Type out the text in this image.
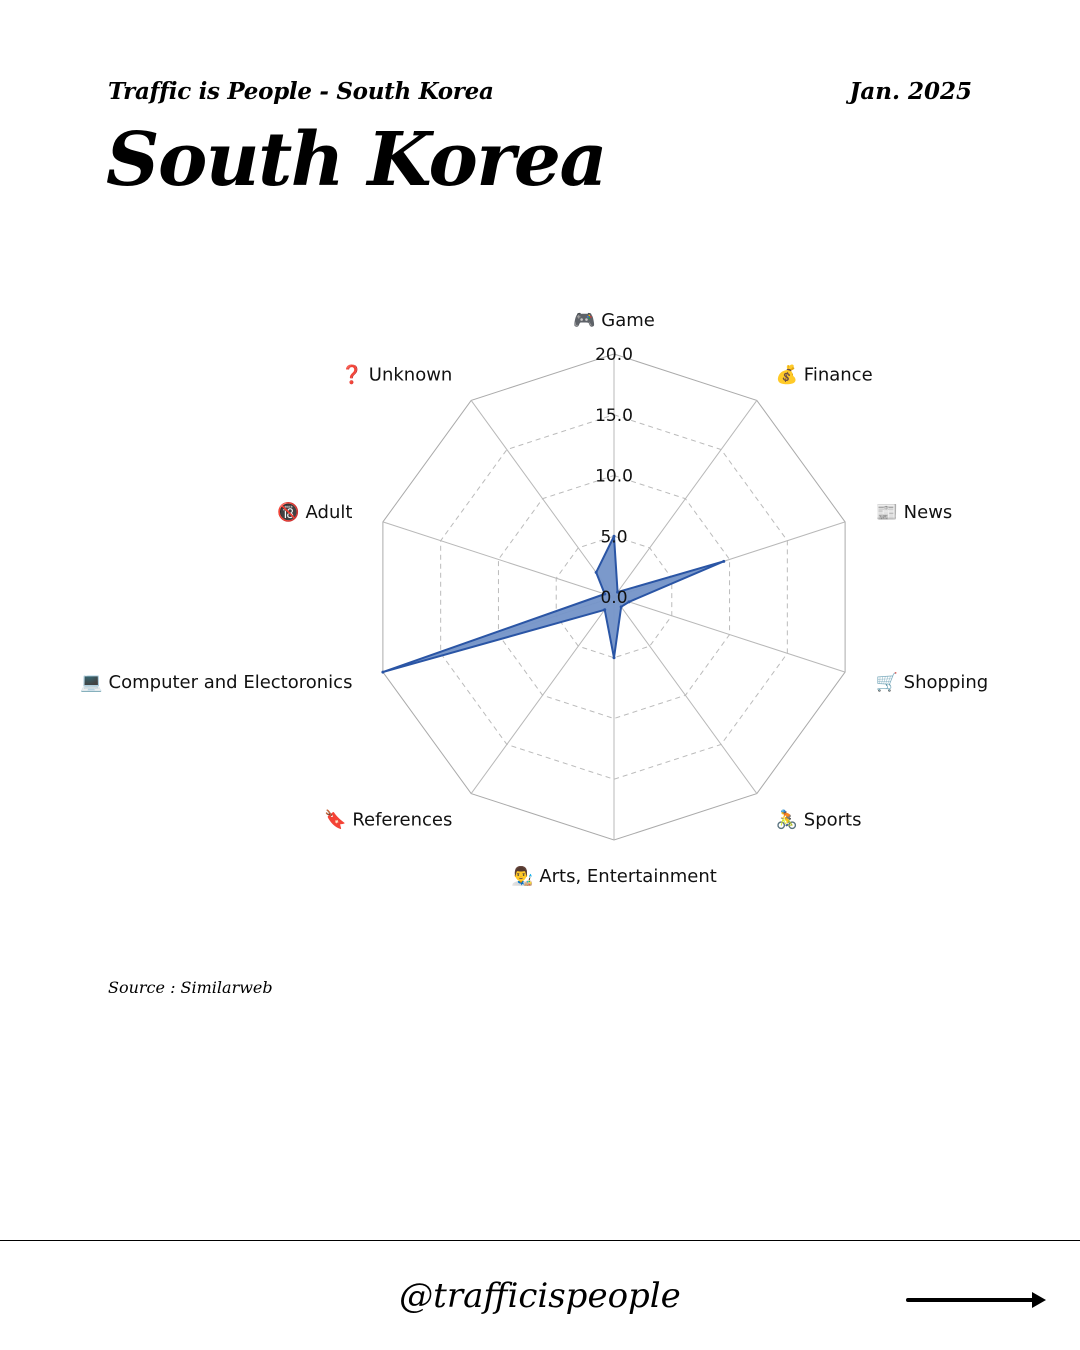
Traffic is People - South Korea	Jan. 2025
South Korea
0.0
5.0
10.0
15.0
20.0
🎮 Game
💰 Finance
📰 News
🛒 Shopping
🚴 Sports
👨‍🎨 Arts, Entertainment
🔖 References
💻 Computer and Electoronics
🔞 Adult
❓ Unknown
Source : Similarweb
@trafficispeople
